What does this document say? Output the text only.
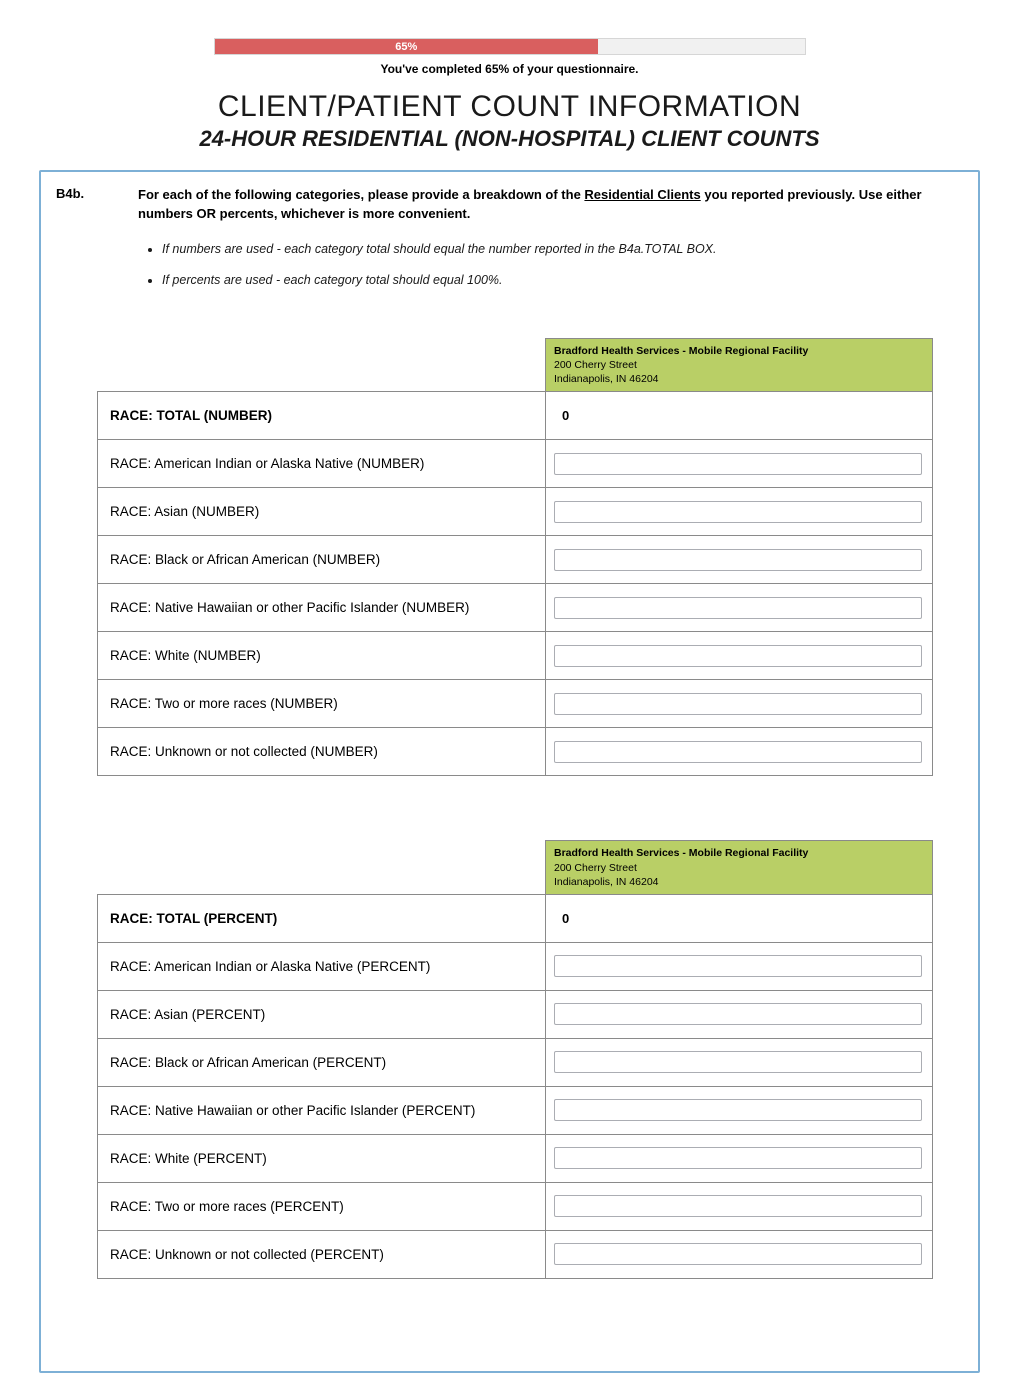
65%
You've completed 65% of your questionnaire.
CLIENT/PATIENT COUNT INFORMATION
24-HOUR RESIDENTIAL (NON-HOSPITAL) CLIENT COUNTS
B4b.	For each of the following categories, please provide a breakdown of the Residential Clients you reported previously. Use either numbers OR percents, whichever is more convenient.

• If numbers are used - each category total should equal the number reported in the B4a.TOTAL BOX.
• If percents are used - each category total should equal 100%.

	Bradford Health Services - Mobile Regional Facility
200 Cherry Street
Indianapolis, IN 46204

RACE: TOTAL (NUMBER)	0
RACE: American Indian or Alaska Native (NUMBER)	
RACE: Asian (NUMBER)	
RACE: Black or African American (NUMBER)	
RACE: Native Hawaiian or other Pacific Islander (NUMBER)	
RACE: White (NUMBER)	
RACE: Two or more races (NUMBER)	
RACE: Unknown or not collected (NUMBER)	

	Bradford Health Services - Mobile Regional Facility
200 Cherry Street
Indianapolis, IN 46204

RACE: TOTAL (PERCENT)	0
RACE: American Indian or Alaska Native (PERCENT)	
RACE: Asian (PERCENT)	
RACE: Black or African American (PERCENT)	
RACE: Native Hawaiian or other Pacific Islander (PERCENT)	
RACE: White (PERCENT)	
RACE: Two or more races (PERCENT)	
RACE: Unknown or not collected (PERCENT)	
